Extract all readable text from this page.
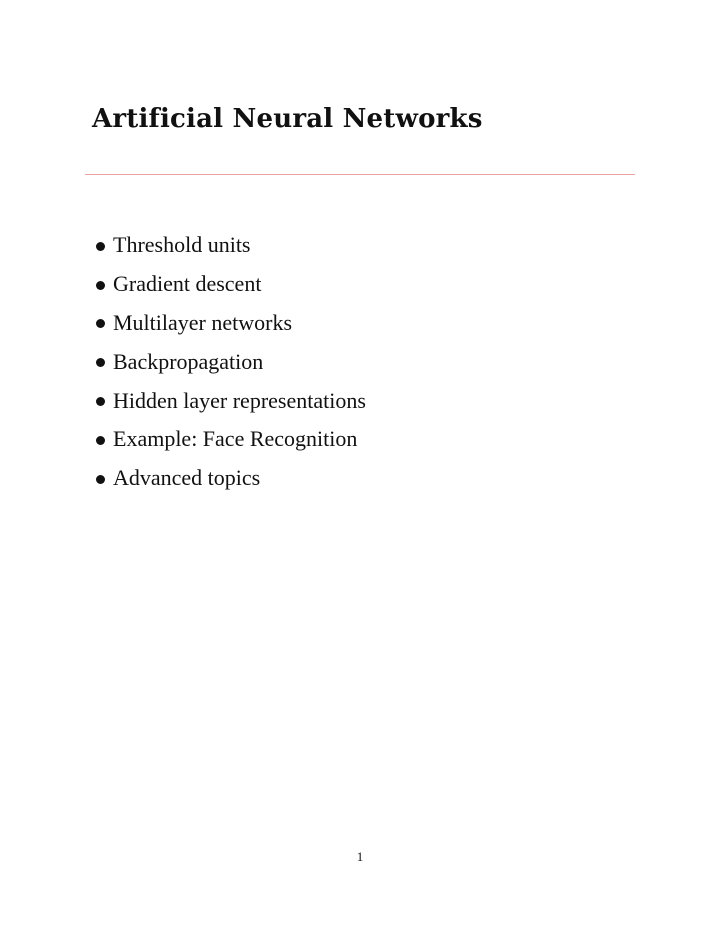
Artificial Neural Networks
Threshold units
Gradient descent
Multilayer networks
Backpropagation
Hidden layer representations
Example: Face Recognition
Advanced topics
1
